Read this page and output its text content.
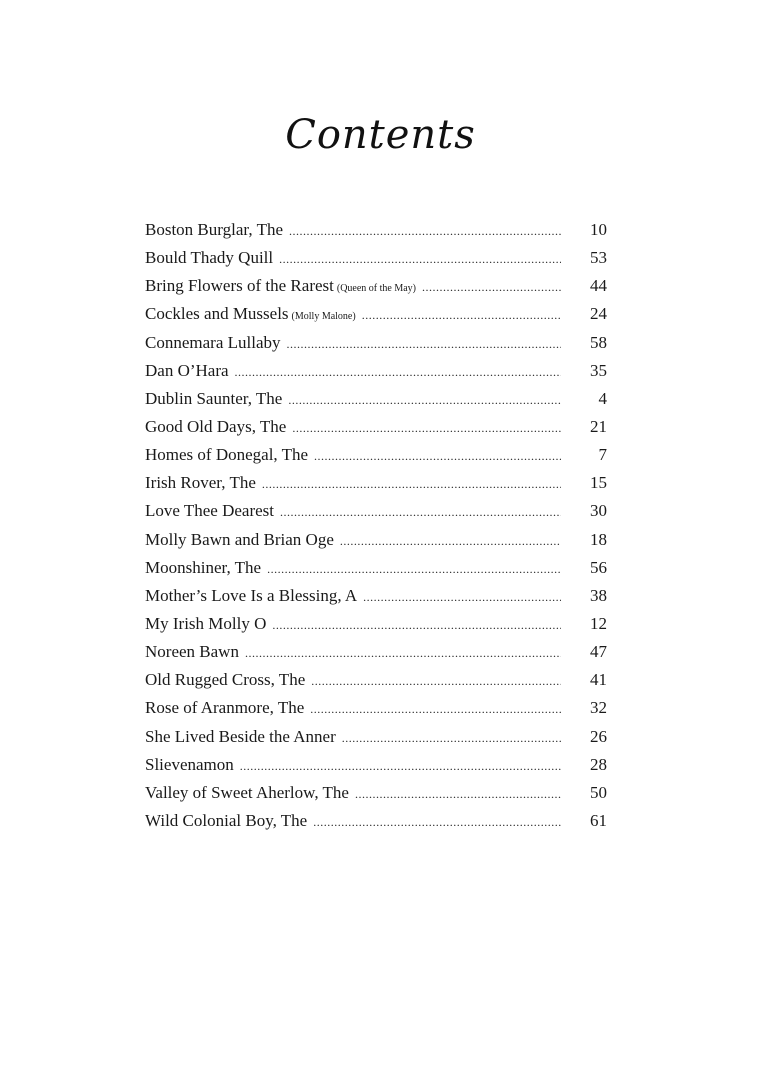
Contents
Boston Burglar, The .....	10
Bould Thady Quill .....	53
Bring Flowers of the Rarest (Queen of the May) .....	44
Cockles and Mussels (Molly Malone) .....	24
Connemara Lullaby .....	58
Dan O’Hara .....	35
Dublin Saunter, The .....	4
Good Old Days, The .....	21
Homes of Donegal, The .....	7
Irish Rover, The .....	15
Love Thee Dearest .....	30
Molly Bawn and Brian Oge .....	18
Moonshiner, The .....	56
Mother’s Love Is a Blessing, A .....	38
My Irish Molly O .....	12
Noreen Bawn .....	47
Old Rugged Cross, The .....	41
Rose of Aranmore, The .....	32
She Lived Beside the Anner .....	26
Slievenamon .....	28
Valley of Sweet Aherlow, The .....	50
Wild Colonial Boy, The .....	61
